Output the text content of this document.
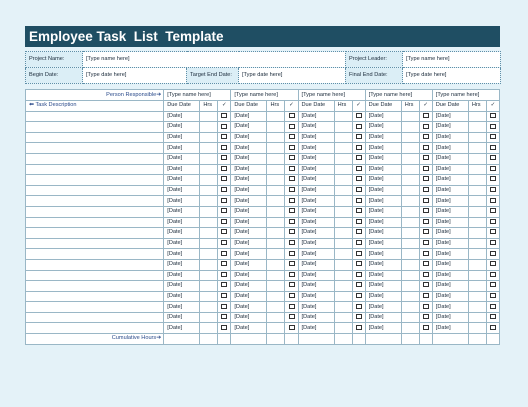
Employee Task  List  Template
Project Name:	[Type name here]			Project Leader:	[Type name here]
Begin Date:	[Type date here]	Target End Date:	[Type date here]	Final End Date:	[Type date here]
Person Responsible➔	[Type name here]			[Type name here]			[Type name here]			[Type name here]			[Type name here]		
⬅ Task Description	Due Date	Hrs	✓	Due Date	Hrs	✓	Due Date	Hrs	✓	Due Date	Hrs	✓	Due Date	Hrs	✓
	[Date]			[Date]			[Date]			[Date]			[Date]		
	[Date]			[Date]			[Date]			[Date]			[Date]		
	[Date]			[Date]			[Date]			[Date]			[Date]		
	[Date]			[Date]			[Date]			[Date]			[Date]		
	[Date]			[Date]			[Date]			[Date]			[Date]		
	[Date]			[Date]			[Date]			[Date]			[Date]		
	[Date]			[Date]			[Date]			[Date]			[Date]		
	[Date]			[Date]			[Date]			[Date]			[Date]		
	[Date]			[Date]			[Date]			[Date]			[Date]		
	[Date]			[Date]			[Date]			[Date]			[Date]		
	[Date]			[Date]			[Date]			[Date]			[Date]		
	[Date]			[Date]			[Date]			[Date]			[Date]		
	[Date]			[Date]			[Date]			[Date]			[Date]		
	[Date]			[Date]			[Date]			[Date]			[Date]		
	[Date]			[Date]			[Date]			[Date]			[Date]		
	[Date]			[Date]			[Date]			[Date]			[Date]		
	[Date]			[Date]			[Date]			[Date]			[Date]		
	[Date]			[Date]			[Date]			[Date]			[Date]		
	[Date]			[Date]			[Date]			[Date]			[Date]		
	[Date]			[Date]			[Date]			[Date]			[Date]		
	[Date]			[Date]			[Date]			[Date]			[Date]		
Cumulative Hours➔															
